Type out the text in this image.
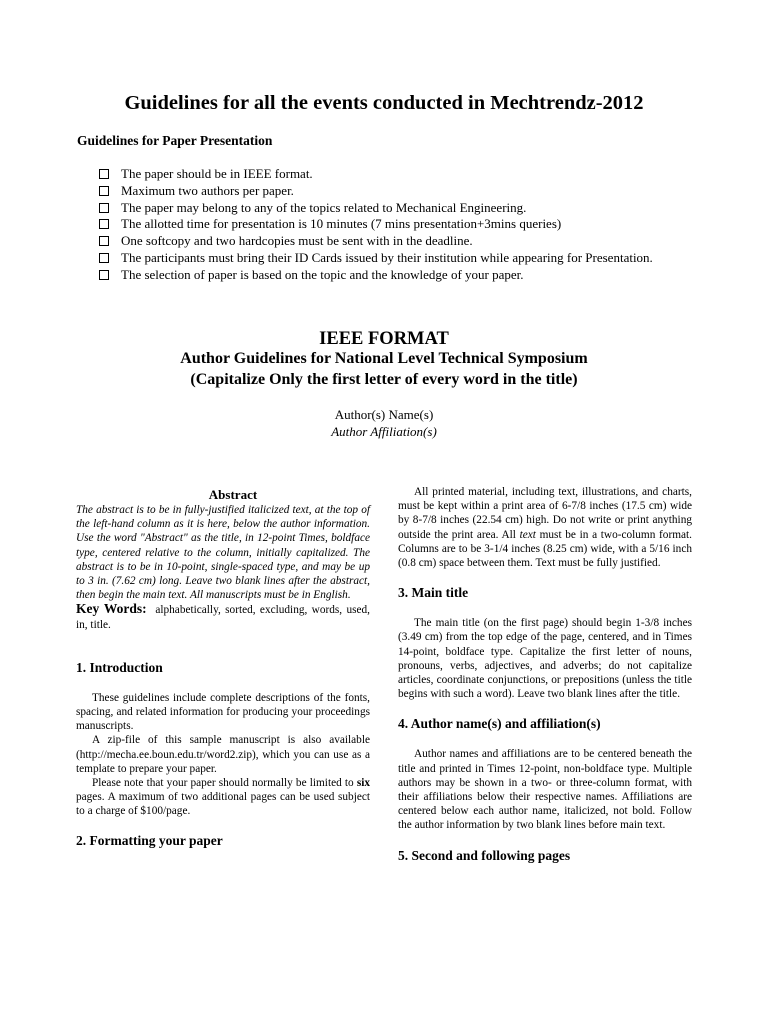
Guidelines for all the events conducted in Mechtrendz-2012
Guidelines for Paper Presentation
The paper should be in IEEE format.
Maximum two authors per paper.
The paper may belong to any of the topics related to Mechanical Engineering.
The allotted time for presentation is 10 minutes (7 mins presentation+3mins queries)
One softcopy and two hardcopies must be sent with in the deadline.
The participants must bring their ID Cards issued by their institution while appearing for Presentation.
The selection of paper is based on the topic and the knowledge of your paper.
IEEE FORMAT
Author Guidelines for National Level Technical Symposium
(Capitalize Only the first letter of every word in the title)

Author(s) Name(s)

Author Affiliation(s)

Abstract

The abstract is to be in fully-justified italicized text, at the top of the left-hand column as it is here, below the author information. Use the word "Abstract" as the title, in 12-point Times, boldface type, centered relative to the column, initially capitalized. The abstract is to be in 10-point, single-spaced type, and may be up to 3 in. (7.62 cm) long. Leave two blank lines after the abstract, then begin the main text. All manuscripts must be in English.

Key Words: alphabetically, sorted, excluding, words, used, in, title.

1. Introduction

These guidelines include complete descriptions of the fonts, spacing, and related information for producing your proceedings manuscripts.

A zip-file of this sample manuscript is also available (http://mecha.ee.boun.edu.tr/word2.zip), which you can use as a template to prepare your paper.

Please note that your paper should normally be limited to six pages. A maximum of two additional pages can be used subject to a charge of $100/page.

2. Formatting your paper

All printed material, including text, illustrations, and charts, must be kept within a print area of 6-7/8 inches (17.5 cm) wide by 8-7/8 inches (22.54 cm) high. Do not write or print anything outside the print area. All text must be in a two-column format. Columns are to be 3-1/4 inches (8.25 cm) wide, with a 5/16 inch (0.8 cm) space between them. Text must be fully justified.

3. Main title

The main title (on the first page) should begin 1-3/8 inches (3.49 cm) from the top edge of the page, centered, and in Times 14-point, boldface type. Capitalize the first letter of nouns, pronouns, verbs, adjectives, and adverbs; do not capitalize articles, coordinate conjunctions, or prepositions (unless the title begins with such a word). Leave two blank lines after the title.

4. Author name(s) and affiliation(s)

Author names and affiliations are to be centered beneath the title and printed in Times 12-point, non-boldface type. Multiple authors may be shown in a two- or three-column format, with their affiliations below their respective names. Affiliations are centered below each author name, italicized, not bold. Follow the author information by two blank lines before main text.

5. Second and following pages
